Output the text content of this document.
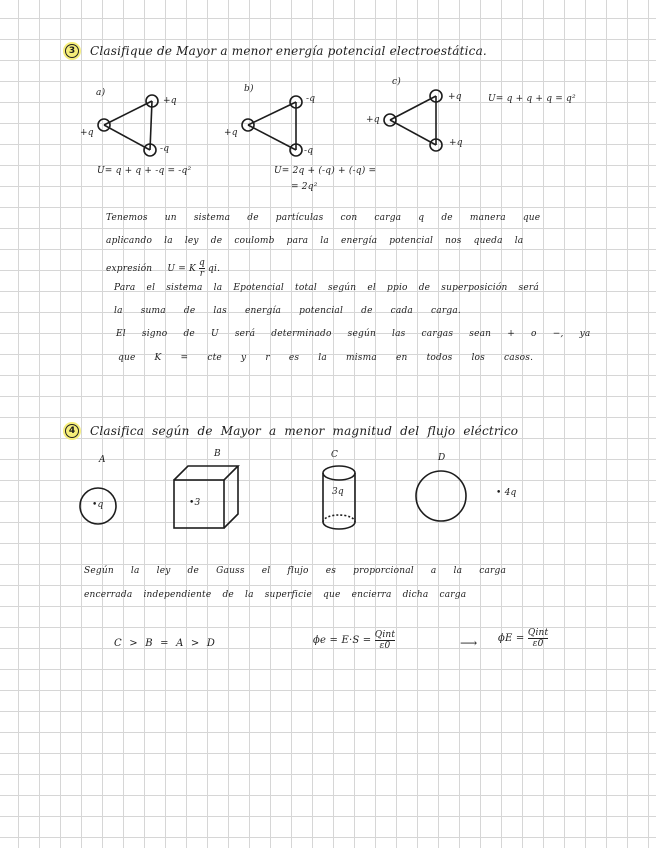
3	Clasifique de Mayor a menor energía potencial electroestática.
a)
+q
+q
-q
b)
-q
+q
-q
c)
+q
+q
+q
U= q + q + q = q²
U= q + q + -q = -q²	U= 2q + (-q) + (-q) =
= 2q²
Tenemos un sistema de partículas con carga q de manera que
aplicando la ley de coulomb para la energía potencial nos queda la
expresión U = K $\frac{q}{r}$ qi.
Para el sistema la Epotencial total según el ppio de superposición será
la suma de las energía potencial de cada carga.
El signo de U será determinado según las cargas sean + o −, ya
que K = cte y r es la misma en todos los casos.
4	Clasifica según de Mayor a menor magnitud del flujo eléctrico
A
B	C	D
•q	•3
3q	• 4q
Según la ley de Gauss el flujo es proporcional a la carga
encerrada independiente de la superficie que encierra dicha carga
C > B = A > D	$\phi e = E\cdot S = \frac{\text{Qint}}{\varepsilon 0}$	⟶ $\phi E = \frac{\text{Qint}}{\varepsilon 0}$
